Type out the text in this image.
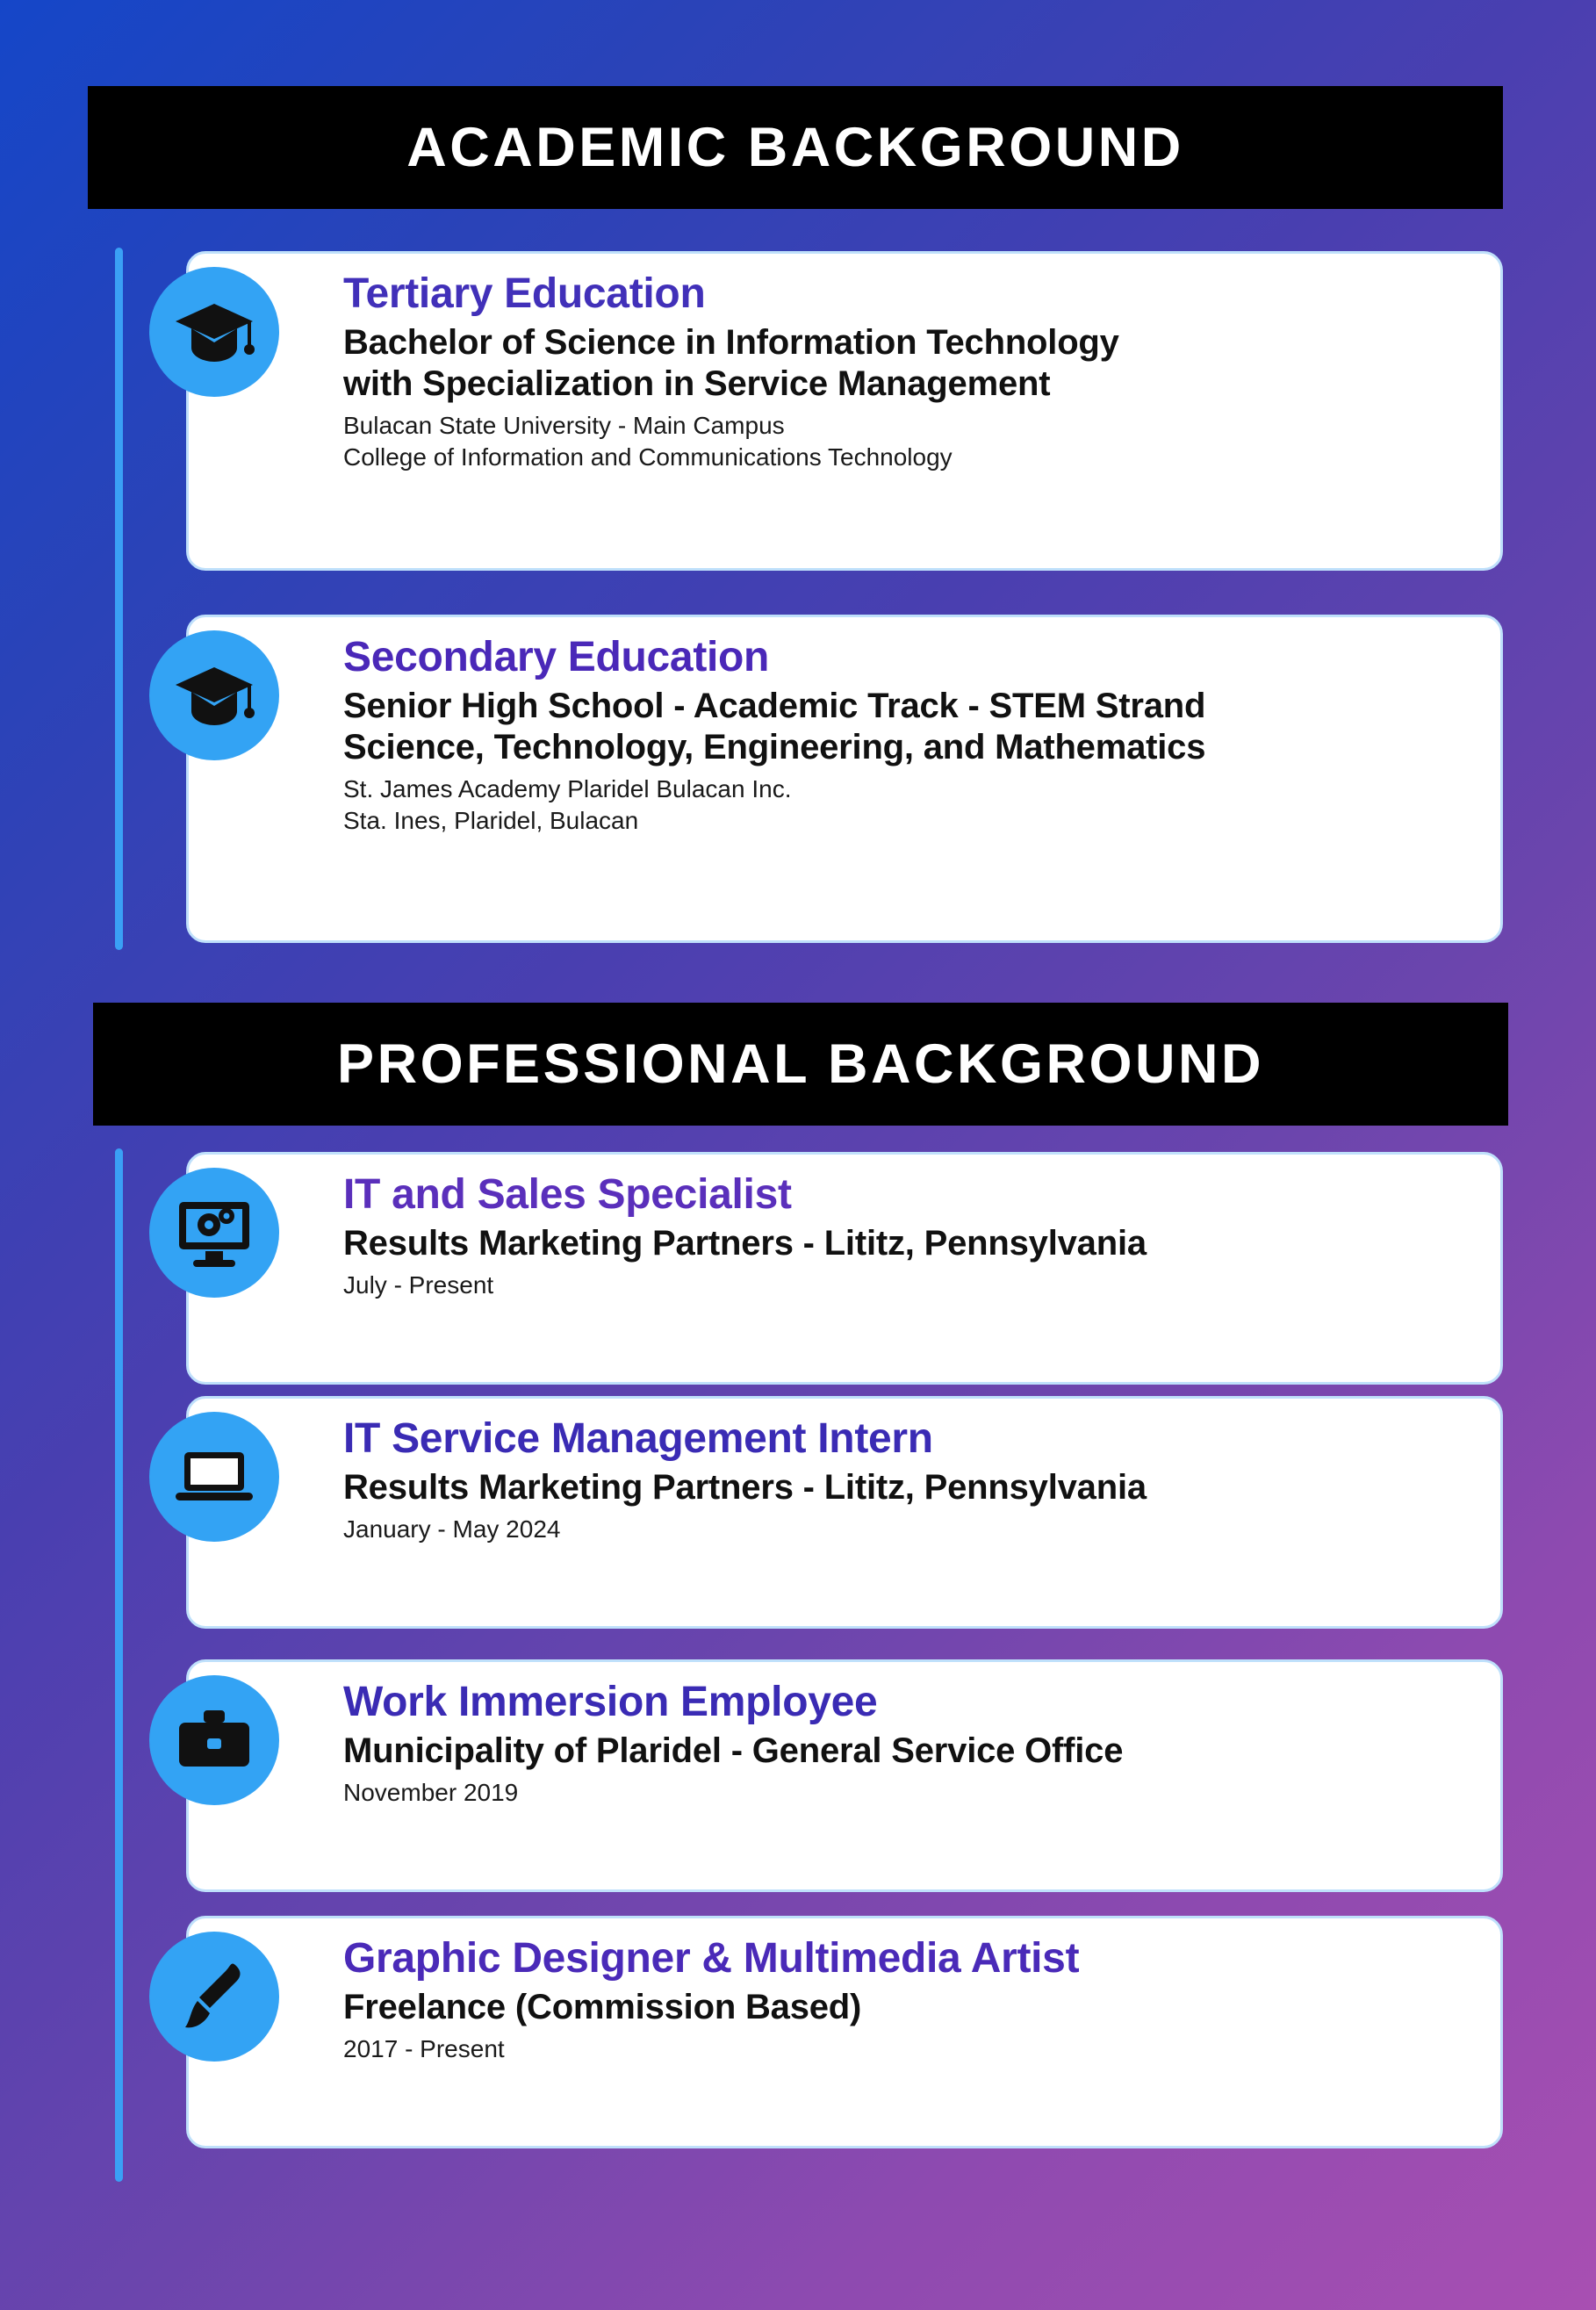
ACADEMIC BACKGROUND
Tertiary Education
Bachelor of Science in Information Technology
with Specialization in Service Management
Bulacan State University - Main Campus
College of Information and Communications Technology
Secondary Education
Senior High School - Academic Track - STEM Strand
Science, Technology, Engineering, and Mathematics
St. James Academy Plaridel Bulacan Inc.
Sta. Ines, Plaridel, Bulacan
PROFESSIONAL BACKGROUND
IT and Sales Specialist
Results Marketing Partners - Lititz, Pennsylvania
July - Present
IT Service Management Intern
Results Marketing Partners - Lititz, Pennsylvania
January - May 2024
Work Immersion Employee
Municipality of Plaridel - General Service Office
November 2019
Graphic Designer & Multimedia Artist
Freelance (Commission Based)
2017 - Present
